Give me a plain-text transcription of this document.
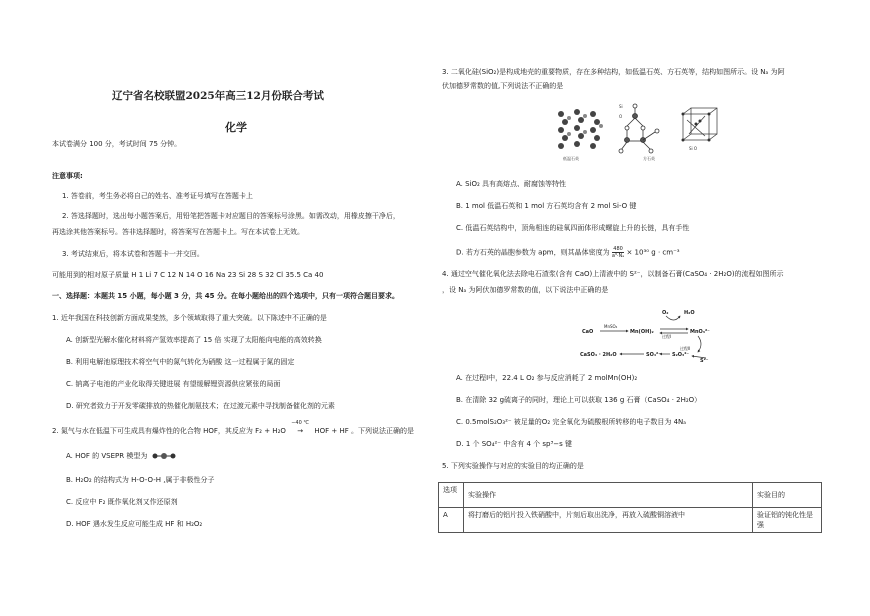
辽宁省名校联盟2025年高三12月份联合考试
化学
本试卷满分 100 分，考试时间 75 分钟。
注意事项:
1. 答卷前，考生务必将自己的姓名、准考证号填写在答题卡上
2. 答选择题时，选出每小题答案后，用铅笔把答题卡对应题目的答案标号涂黑。如需改动，用橡皮擦干净后，
再选涂其他答案标号。答非选择题时，将答案写在答题卡上。写在本试卷上无效。
3. 考试结束后，将本试卷和答题卡一并交回。
可能用到的相对原子质量 H 1 Li 7 C 12 N 14 O 16 Na 23 Si 28 S 32 Cl 35.5 Ca 40
一、选择题：本题共 15 小题，每小题 3 分，共 45 分。在每小题给出的四个选项中，只有一项符合题目要求。
1. 近年我国在科技创新方面成果斐然，多个领域取得了重大突破。以下陈述中不正确的是
A. 创新型光解水催化材料将产氢效率提高了 15 倍 实现了太阳能向电能的高效转换
B. 利用电解池原理技术将空气中的氮气转化为硝酸 这一过程属于氮的固定
C. 钠离子电池的产业化取得关键进展 有望缓解锂资源供应紧张的局面
D. 研究者致力于开发零碳排放的热催化制氨技术；在过渡元素中寻找制备催化剂的元素
2. 氮气与水在低温下可生成具有爆炸性的化合物 HOF，其反应为 F₂ + H₂O
−40 ℃
→ HOF + HF 。下列说法正确的是
A. HOF 的 VSEPR 模型为
B. H₂O₂ 的结构式为 H-O-O-H ,属于非极性分子
C. 反应中 F₂ 既作氧化剂又作还原剂
D. HOF 遇水发生反应可能生成 HF 和 H₂O₂
3. 二氧化硅(SiO₂)是构成地壳的重要物质，存在多种结构，如低温石英、方石英等，结构如图所示。设 Nₐ 为阿
伏加德罗常数的值,下列说法不正确的是
低温石英
Si
O
方石英
Si O
A. SiO₂ 具有高熔点、耐腐蚀等特性
B. 1 mol 低温石英和 1 mol 方石英均含有 2 mol Si-O 键
C. 低温石英结构中，顶角相连的硅氧四面体形成螺旋上升的长链，具有手性
D. 若方石英的晶胞参数为 apm，则其晶体密度为 $\frac{480}{\text{a³·Nₐ}} \times 10^{30}$ g · cm⁻³
4. 通过空气催化氧化法去除电石渣浆(含有 CaO)上清液中的 S²⁻，以制备石膏(CaSO₄ · 2H₂O)的流程如图所示
，设 Nₐ 为阿伏加德罗常数的值，以下说法中正确的是
CaO
MnSO₄
Mn(OH)₂	MnO₃²⁻
O₂	H₂O
过程Ⅰ
过程Ⅱ
CaSO₄ · 2H₂O	SO₄²⁻ S₂O₃²⁻
S²⁻
A. 在过程Ⅰ中，22.4 L O₂ 参与反应消耗了 2 molMn(OH)₂
B. 在清除 32 g硫离子的同时，理论上可以获取 136 g 石膏（CaSO₄ · 2H₂O）
C. 0.5molS₂O₃²⁻ 被足量的O₂ 完全氧化为硫酸根所转移的电子数目为 4Nₐ
D. 1 个 SO₄²⁻ 中含有 4 个 sp³−s 键
5. 下列实验操作与对应的实验目的均正确的是
选项	实验操作	实验目的
A	将打磨后的铝片投入铁硝酸中，片刻后取出洗净，再放入硫酸铜溶液中	验证铝的钝化性是
强
